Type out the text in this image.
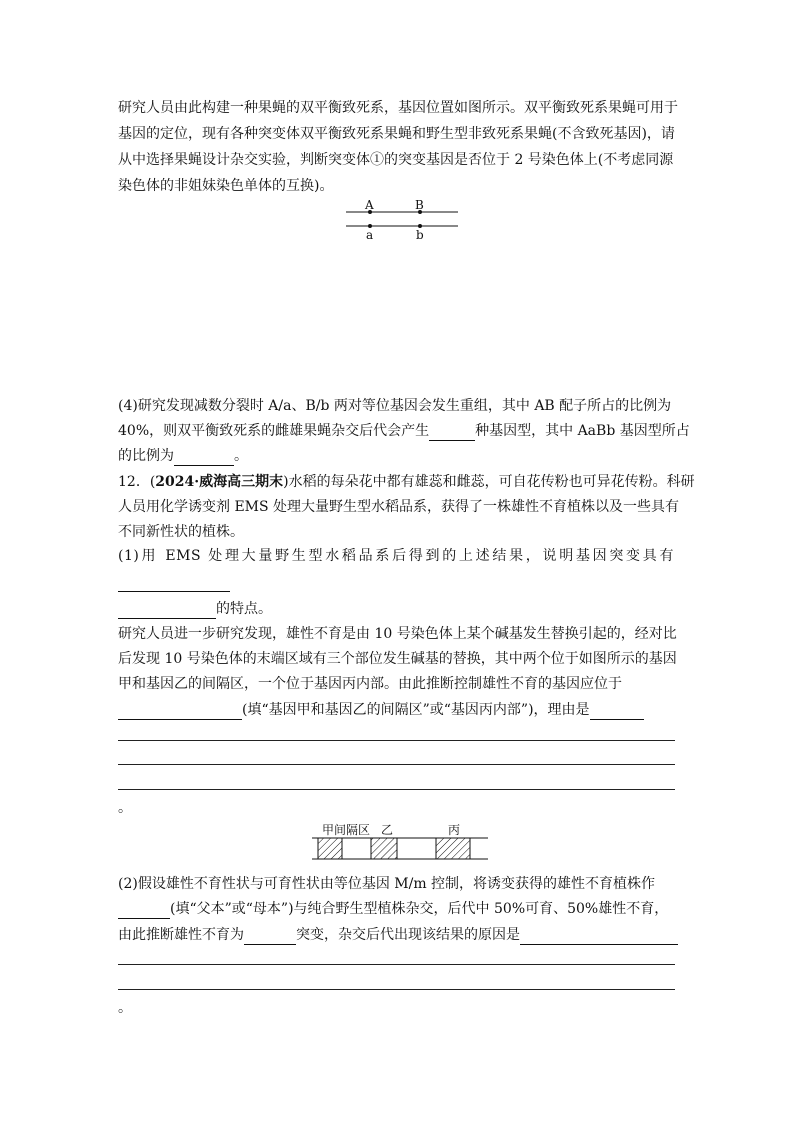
研究人员由此构建一种果蝇的双平衡致死系，基因位置如图所示。双平衡致死系果蝇可用于
基因的定位，现有各种突变体双平衡致死系果蝇和野生型非致死系果蝇(不含致死基因)，请
从中选择果蝇设计杂交实验，判断突变体①的突变基因是否位于 2 号染色体上(不考虑同源
染色体的非姐妹染色单体的互换)。
A	B
a	b
(4)研究发现减数分裂时 A/a、B/b 两对等位基因会发生重组，其中 AB 配子所占的比例为
40%，则双平衡致死系的雌雄果蝇杂交后代会产生	种基因型，其中 AaBb 基因型所占
的比例为	。
12．(2024·威海高三期末)水稻的每朵花中都有雄蕊和雌蕊，可自花传粉也可异花传粉。科研
人员用化学诱变剂 EMS 处理大量野生型水稻品系，获得了一株雄性不育植株以及一些具有
不同新性状的植株。
(1)用 EMS 处理大量野生型水稻品系后得到的上述结果，说明基因突变具有
的特点。
研究人员进一步研究发现，雄性不育是由 10 号染色体上某个碱基发生替换引起的，经对比
后发现 10 号染色体的末端区域有三个部位发生碱基的替换，其中两个位于如图所示的基因
甲和基因乙的间隔区，一个位于基因丙内部。由此推断控制雄性不育的基因应位于
(填“基因甲和基因乙的间隔区”或“基因丙内部”)，理由是
。
甲间隔区 乙	丙
(2)假设雄性不育性状与可育性状由等位基因 M/m 控制，将诱变获得的雄性不育植株作
(填“父本”或“母本”)与纯合野生型植株杂交，后代中 50%可育、50%雄性不育，
由此推断雄性不育为	突变，杂交后代出现该结果的原因是
。
